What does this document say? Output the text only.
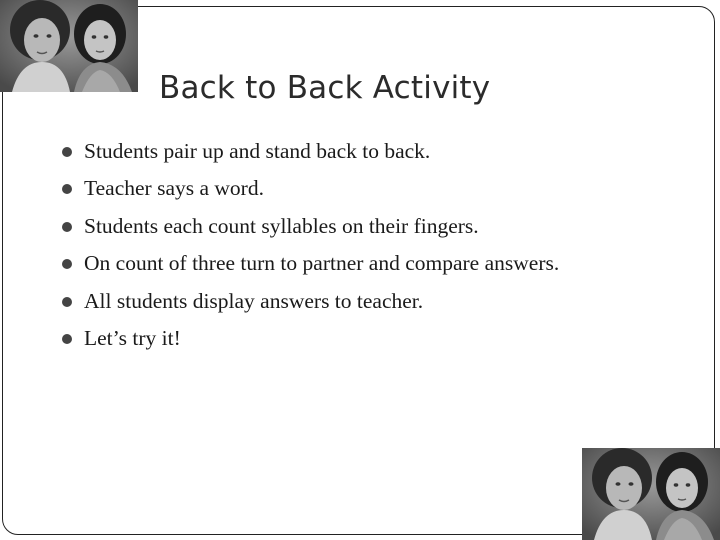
Back to Back Activity
Students pair up and stand back to back.
Teacher says a word.
Students each count syllables on their fingers.
On count of three turn to partner and compare answers.
All students display answers to teacher.
Let’s try it!
